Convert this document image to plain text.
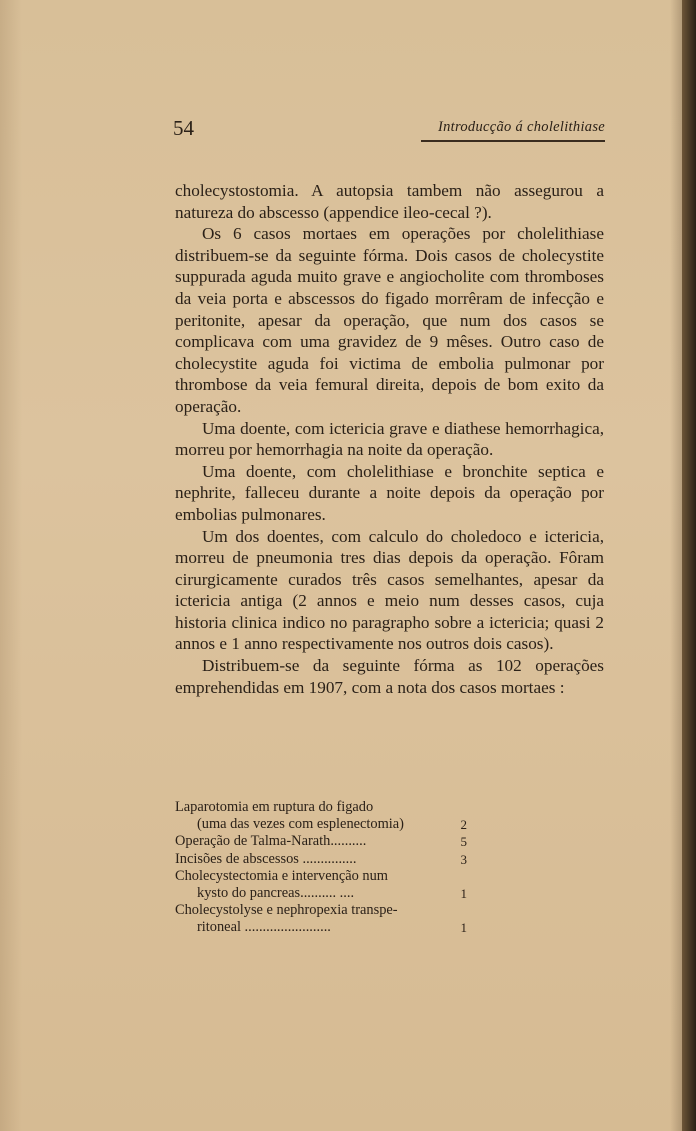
54	Introducção á cholelithiase

cholecystostomia. A autopsia tambem não assegurou a natureza do abscesso (appendice ileo-cecal ?).

Os 6 casos mortaes em operações por cholelithiase distribuem-se da seguinte fórma. Dois casos de cholecystite suppurada aguda muito grave e angiocholite com thromboses da veia porta e abscessos do figado morrêram de infecção e peritonite, apesar da operação, que num dos casos se complicava com uma gravidez de 9 mêses. Outro caso de cholecystite aguda foi victima de embolia pulmonar por thrombose da veia femural direita, depois de bom exito da operação.

Uma doente, com ictericia grave e diathese hemorrhagica, morreu por hemorrhagia na noite da operação.

Uma doente, com cholelithiase e bronchite septica e nephrite, falleceu durante a noite depois da operação por embolias pulmonares.

Um dos doentes, com calculo do choledoco e ictericia, morreu de pneumonia tres dias depois da operação. Fôram cirurgicamente curados três casos semelhantes, apesar da ictericia antiga (2 annos e meio num desses casos, cuja historia clinica indico no paragrapho sobre a ictericia; quasi 2 annos e 1 anno respectivamente nos outros dois casos).

Distribuem-se da seguinte fórma as 102 operações emprehendidas em 1907, com a nota dos casos mortaes :

Laparotomia em ruptura do figado
(uma das vezes com esplenectomia)	2
Operação de Talma-Narath..........	5
Incisões de abscessos ...............	3
Cholecystectomia e intervenção num
kysto do pancreas.......... ....	1
Cholecystolyse e nephropexia transpe-
ritoneal ........................	1
